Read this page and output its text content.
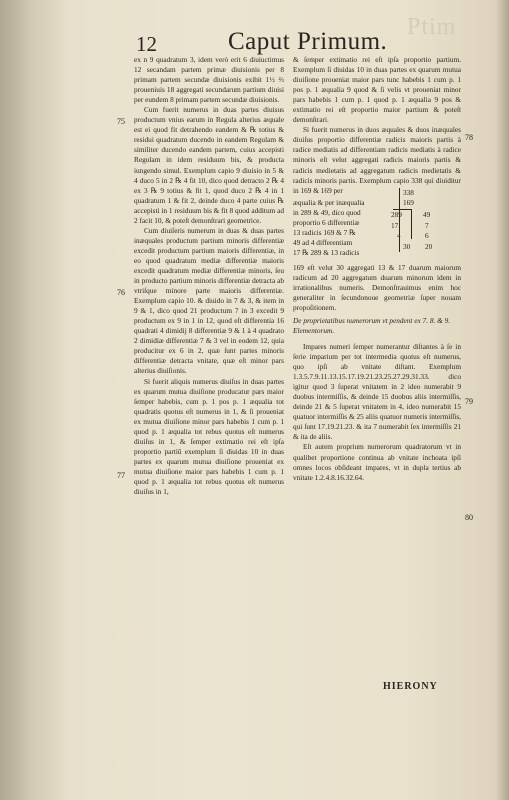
Ptim
12	Caput Primum.
75
76
77
78
79
80

ex n 9 quadratum 3, idem verò erit 6 diuiuctimus 12 secandam partem primæ diuisionis per 8 primam partem secundæ diuisionis exibit 1½ ⅔ proueniuis 18 aggregati secundarum partium diuisi per eundem 8 primam partem secundæ diuisionis.

Cum fuerit numerus in duas partes diuisus productum vnius earum in Regula alterius æquale est ei quod fit detrahendo eandem & ℞ totius & residui quadratum ducendo in eandem Regulam & similiter ducendo eandem partem, cuius accepisti Regulam in idem residuum bis, & producta iungendo simul. Exemplum capio 9 diuisio in 5 & 4 duco 5 in 2 ℞ 4 fit 10, dico quod detracto 2 ℞ 4 ex 3 ℞ 9 totius & fit 1, quod duco 2 ℞ 4 in 1 quadratum 1 & fit 2, deinde duco 4 parte cuius ℞ accepisti in 1 residuum bis & fit 8 quod additum ad 2 facit 10, & poteſt demonſtrari geometrice.

Cum diuiſeris numerum in duas & duas partes inæquales productum partium minoris differentiæ excedit productum partium maioris differentiæ, in eo quod quadratum mediæ differentiæ maioris excedit quadratum mediæ differentiæ minoris, ſeu in producto partium minoris differentiæ detracta ab vtriſque minore parte maioris differentiæ. Exemplum capio 10. & diuido in 7 & 3, & item in 9 & 1, dico quod 21 productum 7 in 3 excedit 9 productum ex 9 in 1 in 12, quod eſt differentia 16 quadrati 4 dimidij 8 differentiæ 9 & 1 à 4 quadrato 2 dimidiæ differentiæ 7 & 3 vel in eodem 12, quia producitur ex 6 in 2, quæ ſunt partes minoris differentiæ detracta vnitate, quæ eſt minor pars alterius diuiſionis.

Si fuerit aliquis numerus diuiſus in duas partes ex quarum mutua diuiſione producatur pars maior ſemper habebis, cum p. 1 pos p. 1 æqualia tot quadratis quotus eſt numerus in 1, & ſi proueniat ex mutua diuiſione minor pars habebis 1 cum p. 1 quod p. 1 æqualia tot rebus quotus eſt numerus diuiſus in 1, & ſemper extimatio rei eſt ipſa proportio partiū exemplum ſi diuidas 10 in duas partes ex quarum mutua diuiſione proueniat ex mutua diuiſione maior pars habebis 1 cum p. 1 quod p. 1 æqualia tot rebus quotus eſt numerus diuiſus in 1,

& ſemper extimatio rei eſt ipſa proportio partium. Exemplum ſi diuidas 10 in duas partes ex quarum mutua diuiſione proueniat maior pars tunc habebis 1 cum p. 1 pos p. 1 æqualia 9 quod & ſi velis vt proueniat minor pars habebis 1 cum p. 1 quod p. 1 æqualia 9 pos & extimatio rei eſt proportio maior partium & poteſt demonſtrari.

Si fuerit numerus in duos æquales & duos inæquales diuiſus proportio differentiæ radicis maioris partis à radice mediatis ad differentiam radicis mediatis à radice minoris eſt velut aggregati radicis maioris partis & radicis medietatis ad aggregatum radicis medietatis & radicis minoris partis. Exemplum capio 338 qui diuiditur in 169 & 169 per

æqualia & per inæqualia
in 289 & 49, dico quod
proportio 6 differentiæ
13 radicis 169 & 7 ℞
49 ad 4 differentiam
17 ℞ 289 & 13 radicis
338
169
289
17.
4
49
7
6
30 20

169 eſt velut 30 aggregati 13 & 17 duarum maiorum radicum ad 20 aggregatum duarum minorum idem in irrationalibus numeris. Demonſtrauimus enim hoc generaliter in ſecundonoue geometriæ ſuper nouam propoſitionem.

De proprietatibus numerorum vt pendent ex 7. 8. & 9. Elementorum.

Impares numeri ſemper numerantur diſtantes à ſe in ſerie imparium per tot intermedia quotus eſt numerus, quo ipſi ab vnitate diſtant. Exemplum 1.3.5.7.9.11.13.15.17.19.21.23.25.27.29.31.33. dico igitur quod 3 ſuperat vnitatem in 2 ideo numerabit 9 duobus intermiſſis, & deinde 15 duobus aliis intermiſſis, deinde 21 & 5 ſuperat vnitatem in 4, ideo numerabit 15 quatuor intermiſſis & 25 aliis quatuor numeris intermiſſis, qui ſunt 17.19.21.23. & ita 7 numerabit ſex intermiſſis 21 & ita de aliis.

Eſt autem proprium numerorum quadratorum vt in qualibet proportione continua ab vnitate inchoata ipſi omnes locos obſideant impares, vt in dupla tertius ab vnitate 1.2.4.8.16.32.64.

HIERONY
